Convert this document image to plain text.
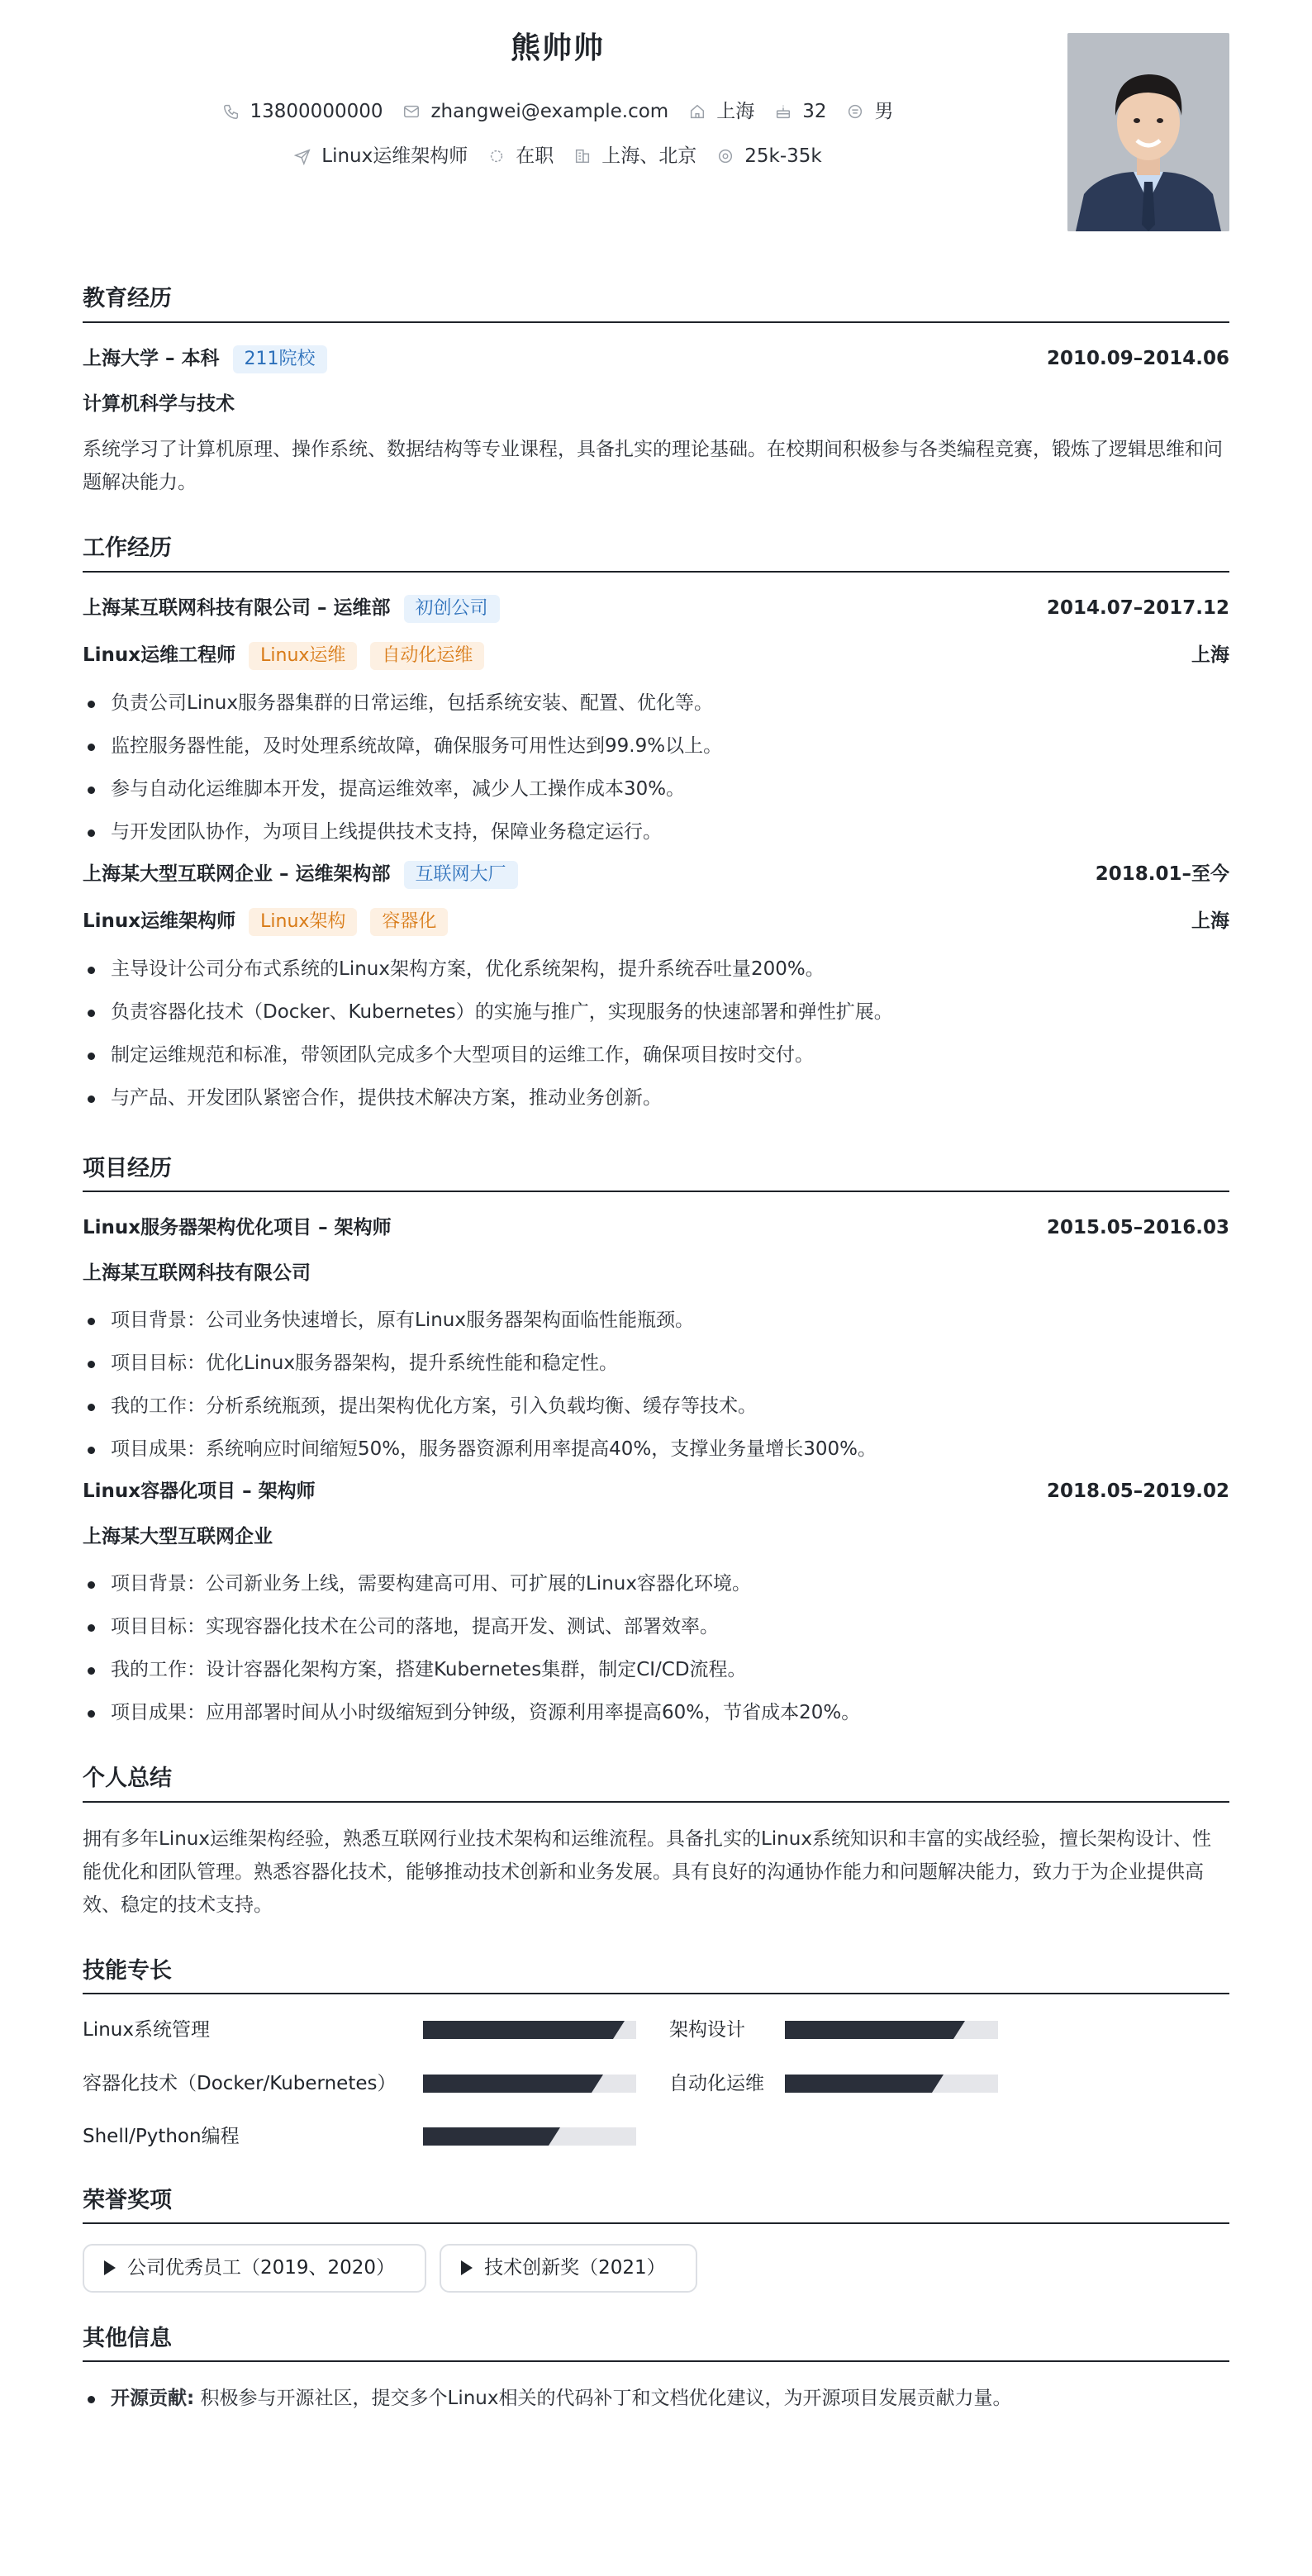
熊帅帅
13800000000	zhangwei@example.com	上海	32	男
Linux运维架构师	在职	上海、北京	25k-35k
教育经历
上海大学 – 本科 211院校	2010.09–2014.06
计算机科学与技术
系统学习了计算机原理、操作系统、数据结构等专业课程，具备扎实的理论基础。在校期间积极参与各类编程竞赛，锻炼了逻辑思维和问题解决能力。
工作经历
上海某互联网科技有限公司 – 运维部 初创公司	2014.07–2017.12
Linux运维工程师 Linux运维 自动化运维	上海
负责公司Linux服务器集群的日常运维，包括系统安装、配置、优化等。
监控服务器性能，及时处理系统故障，确保服务可用性达到99.9%以上。
参与自动化运维脚本开发，提高运维效率，减少人工操作成本30%。
与开发团队协作，为项目上线提供技术支持，保障业务稳定运行。
上海某大型互联网企业 – 运维架构部 互联网大厂	2018.01–至今
Linux运维架构师 Linux架构 容器化	上海
主导设计公司分布式系统的Linux架构方案，优化系统架构，提升系统吞吐量200%。
负责容器化技术（Docker、Kubernetes）的实施与推广，实现服务的快速部署和弹性扩展。
制定运维规范和标准，带领团队完成多个大型项目的运维工作，确保项目按时交付。
与产品、开发团队紧密合作，提供技术解决方案，推动业务创新。
项目经历
Linux服务器架构优化项目 – 架构师	2015.05–2016.03
上海某互联网科技有限公司
项目背景：公司业务快速增长，原有Linux服务器架构面临性能瓶颈。
项目目标：优化Linux服务器架构，提升系统性能和稳定性。
我的工作：分析系统瓶颈，提出架构优化方案，引入负载均衡、缓存等技术。
项目成果：系统响应时间缩短50%，服务器资源利用率提高40%，支撑业务量增长300%。
Linux容器化项目 – 架构师	2018.05–2019.02
上海某大型互联网企业
项目背景：公司新业务上线，需要构建高可用、可扩展的Linux容器化环境。
项目目标：实现容器化技术在公司的落地，提高开发、测试、部署效率。
我的工作：设计容器化架构方案，搭建Kubernetes集群，制定CI/CD流程。
项目成果：应用部署时间从小时级缩短到分钟级，资源利用率提高60%，节省成本20%。
个人总结
拥有多年Linux运维架构经验，熟悉互联网行业技术架构和运维流程。具备扎实的Linux系统知识和丰富的实战经验，擅长架构设计、性能优化和团队管理。熟悉容器化技术，能够推动技术创新和业务发展。具有良好的沟通协作能力和问题解决能力，致力于为企业提供高效、稳定的技术支持。
技能专长
Linux系统管理	架构设计
容器化技术（Docker/Kubernetes）	自动化运维
Shell/Python编程
荣誉奖项
公司优秀员工（2019、2020）	技术创新奖（2021）
其他信息
开源贡献: 积极参与开源社区，提交多个Linux相关的代码补丁和文档优化建议，为开源项目发展贡献力量。
